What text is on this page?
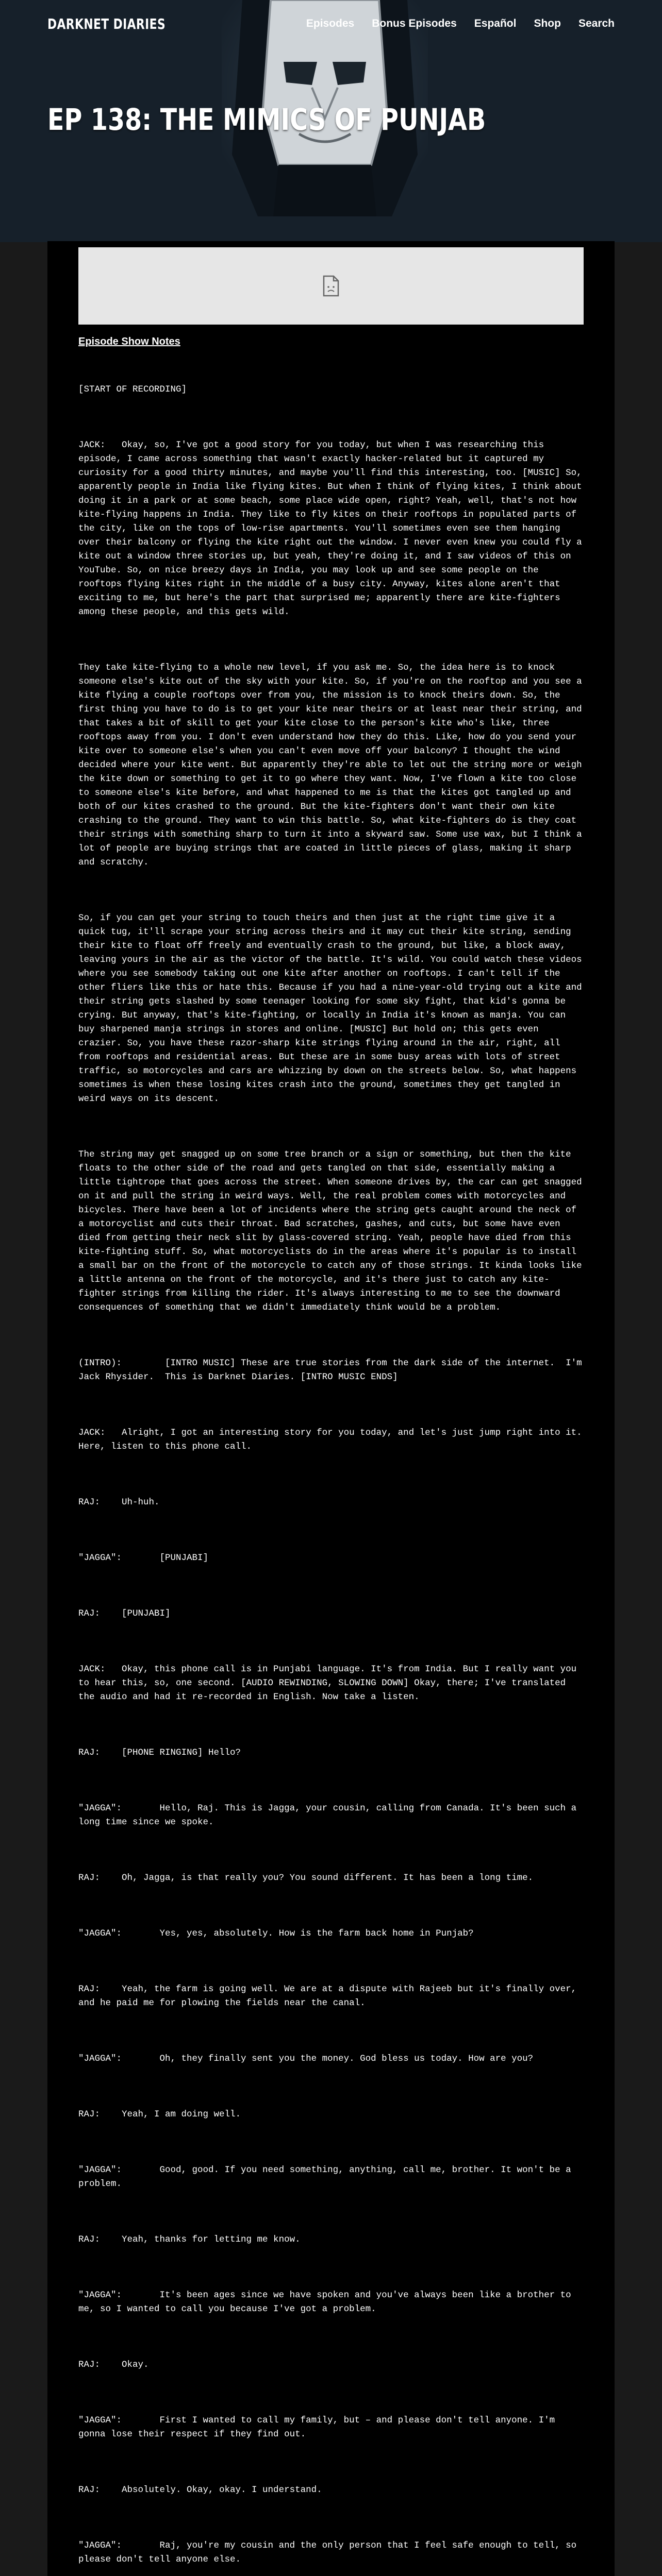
DARKNET DIARIES	Episodes Bonus Episodes Español Shop Search
EP 138: THE MIMICS OF PUNJAB
Episode Show Notes

[START OF RECORDING]

JACK:   Okay, so, I've got a good story for you today, but when I was researching this episode, I came across something that wasn't exactly hacker-related but it captured my curiosity for a good thirty minutes, and maybe you'll find this interesting, too. [MUSIC] So, apparently people in India like flying kites. But when I think of flying kites, I think about doing it in a park or at some beach, some place wide open, right? Yeah, well, that's not how kite-flying happens in India. They like to fly kites on their rooftops in populated parts of the city, like on the tops of low-rise apartments. You'll sometimes even see them hanging over their balcony or flying the kite right out the window. I never even knew you could fly a kite out a window three stories up, but yeah, they're doing it, and I saw videos of this on YouTube. So, on nice breezy days in India, you may look up and see some people on the rooftops flying kites right in the middle of a busy city. Anyway, kites alone aren't that exciting to me, but here's the part that surprised me; apparently there are kite-fighters among these people, and this gets wild.

They take kite-flying to a whole new level, if you ask me. So, the idea here is to knock someone else's kite out of the sky with your kite. So, if you're on the rooftop and you see a kite flying a couple rooftops over from you, the mission is to knock theirs down. So, the first thing you have to do is to get your kite near theirs or at least near their string, and that takes a bit of skill to get your kite close to the person's kite who's like, three rooftops away from you. I don't even understand how they do this. Like, how do you send your kite over to someone else's when you can't even move off your balcony? I thought the wind decided where your kite went. But apparently they're able to let out the string more or weigh the kite down or something to get it to go where they want. Now, I've flown a kite too close to someone else's kite before, and what happened to me is that the kites got tangled up and both of our kites crashed to the ground. But the kite-fighters don't want their own kite crashing to the ground. They want to win this battle. So, what kite-fighters do is they coat their strings with something sharp to turn it into a skyward saw. Some use wax, but I think a lot of people are buying strings that are coated in little pieces of glass, making it sharp and scratchy.

So, if you can get your string to touch theirs and then just at the right time give it a quick tug, it'll scrape your string across theirs and it may cut their kite string, sending their kite to float off freely and eventually crash to the ground, but like, a block away, leaving yours in the air as the victor of the battle. It's wild. You could watch these videos where you see somebody taking out one kite after another on rooftops. I can't tell if the other fliers like this or hate this. Because if you had a nine-year-old trying out a kite and their string gets slashed by some teenager looking for some sky fight, that kid's gonna be crying. But anyway, that's kite-fighting, or locally in India it's known as manja. You can buy sharpened manja strings in stores and online. [MUSIC] But hold on; this gets even crazier. So, you have these razor-sharp kite strings flying around in the air, right, all from rooftops and residential areas. But these are in some busy areas with lots of street traffic, so motorcycles and cars are whizzing by down on the streets below. So, what happens sometimes is when these losing kites crash into the ground, sometimes they get tangled in weird ways on its descent.

The string may get snagged up on some tree branch or a sign or something, but then the kite floats to the other side of the road and gets tangled on that side, essentially making a little tightrope that goes across the street. When someone drives by, the car can get snagged on it and pull the string in weird ways. Well, the real problem comes with motorcycles and bicycles. There have been a lot of incidents where the string gets caught around the neck of a motorcyclist and cuts their throat. Bad scratches, gashes, and cuts, but some have even died from getting their neck slit by glass-covered string. Yeah, people have died from this kite-fighting stuff. So, what motorcyclists do in the areas where it's popular is to install a small bar on the front of the motorcycle to catch any of those strings. It kinda looks like a little antenna on the front of the motorcycle, and it's there just to catch any kite-fighter strings from killing the rider. It's always interesting to me to see the downward consequences of something that we didn't immediately think would be a problem.

(INTRO):        [INTRO MUSIC] These are true stories from the dark side of the internet.  I'm Jack Rhysider.  This is Darknet Diaries. [INTRO MUSIC ENDS]

JACK:   Alright, I got an interesting story for you today, and let's just jump right into it. Here, listen to this phone call.

RAJ:    Uh-huh.

"JAGGA":       [PUNJABI]

RAJ:    [PUNJABI]

JACK:   Okay, this phone call is in Punjabi language. It's from India. But I really want you to hear this, so, one second. [AUDIO REWINDING, SLOWING DOWN] Okay, there; I've translated the audio and had it re-recorded in English. Now take a listen.

RAJ:    [PHONE RINGING] Hello?

"JAGGA":       Hello, Raj. This is Jagga, your cousin, calling from Canada. It's been such a long time since we spoke.

RAJ:    Oh, Jagga, is that really you? You sound different. It has been a long time.

"JAGGA":       Yes, yes, absolutely. How is the farm back home in Punjab?

RAJ:    Yeah, the farm is going well. We are at a dispute with Rajeeb but it's finally over, and he paid me for plowing the fields near the canal.

"JAGGA":       Oh, they finally sent you the money. God bless us today. How are you?

RAJ:    Yeah, I am doing well.

"JAGGA":       Good, good. If you need something, anything, call me, brother. It won't be a problem.

RAJ:    Yeah, thanks for letting me know.

"JAGGA":       It's been ages since we have spoken and you've always been like a brother to me, so I wanted to call you because I've got a problem.

RAJ:    Okay.

"JAGGA":       First I wanted to call my family, but – and please don't tell anyone. I'm gonna lose their respect if they find out.

RAJ:    Absolutely. Okay, okay. I understand.

"JAGGA":       Raj, you're my cousin and the only person that I feel safe enough to tell, so please don't tell anyone else.
